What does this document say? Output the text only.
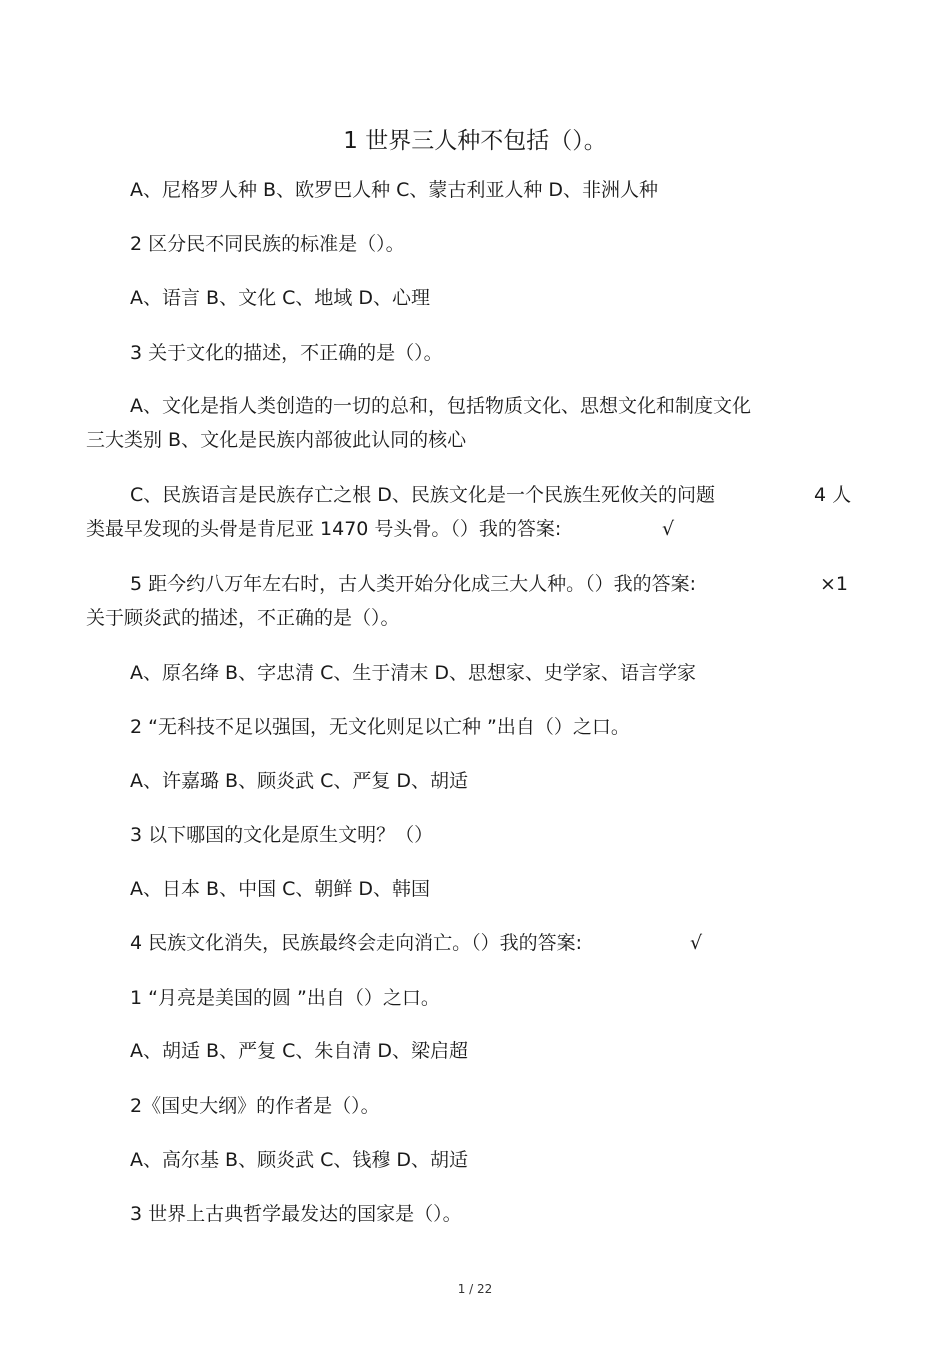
1 世界三人种不包括（）。
A、尼格罗人种 B、欧罗巴人种 C、蒙古利亚人种 D、非洲人种
2 区分民不同民族的标准是（）。
A、语言 B、文化 C、地域 D、心理
3 关于文化的描述，不正确的是（）。
A、文化是指人类创造的一切的总和，包括物质文化、思想文化和制度文化
三大类别 B、文化是民族内部彼此认同的核心
C、民族语言是民族存亡之根 D、民族文化是一个民族生死攸关的问题	4 人
类最早发现的头骨是肯尼亚 1470 号头骨。（）我的答案:	√
5 距今约八万年左右时，古人类开始分化成三大人种。（）我的答案:	×1
关于顾炎武的描述，不正确的是（）。
A、原名绛 B、字忠清 C、生于清末 D、思想家、史学家、语言学家
2 “无科技不足以强国，无文化则足以亡种 ”出自（）之口。
A、许嘉璐 B、顾炎武 C、严复 D、胡适
3 以下哪国的文化是原生文明？（）
A、日本 B、中国 C、朝鲜 D、韩国
4 民族文化消失，民族最终会走向消亡。（）我的答案:	√
1 “月亮是美国的圆 ”出自（）之口。
A、胡适 B、严复 C、朱自清 D、梁启超
2《国史大纲》的作者是（）。
A、高尔基 B、顾炎武 C、钱穆 D、胡适
3 世界上古典哲学最发达的国家是（）。
1 / 22
